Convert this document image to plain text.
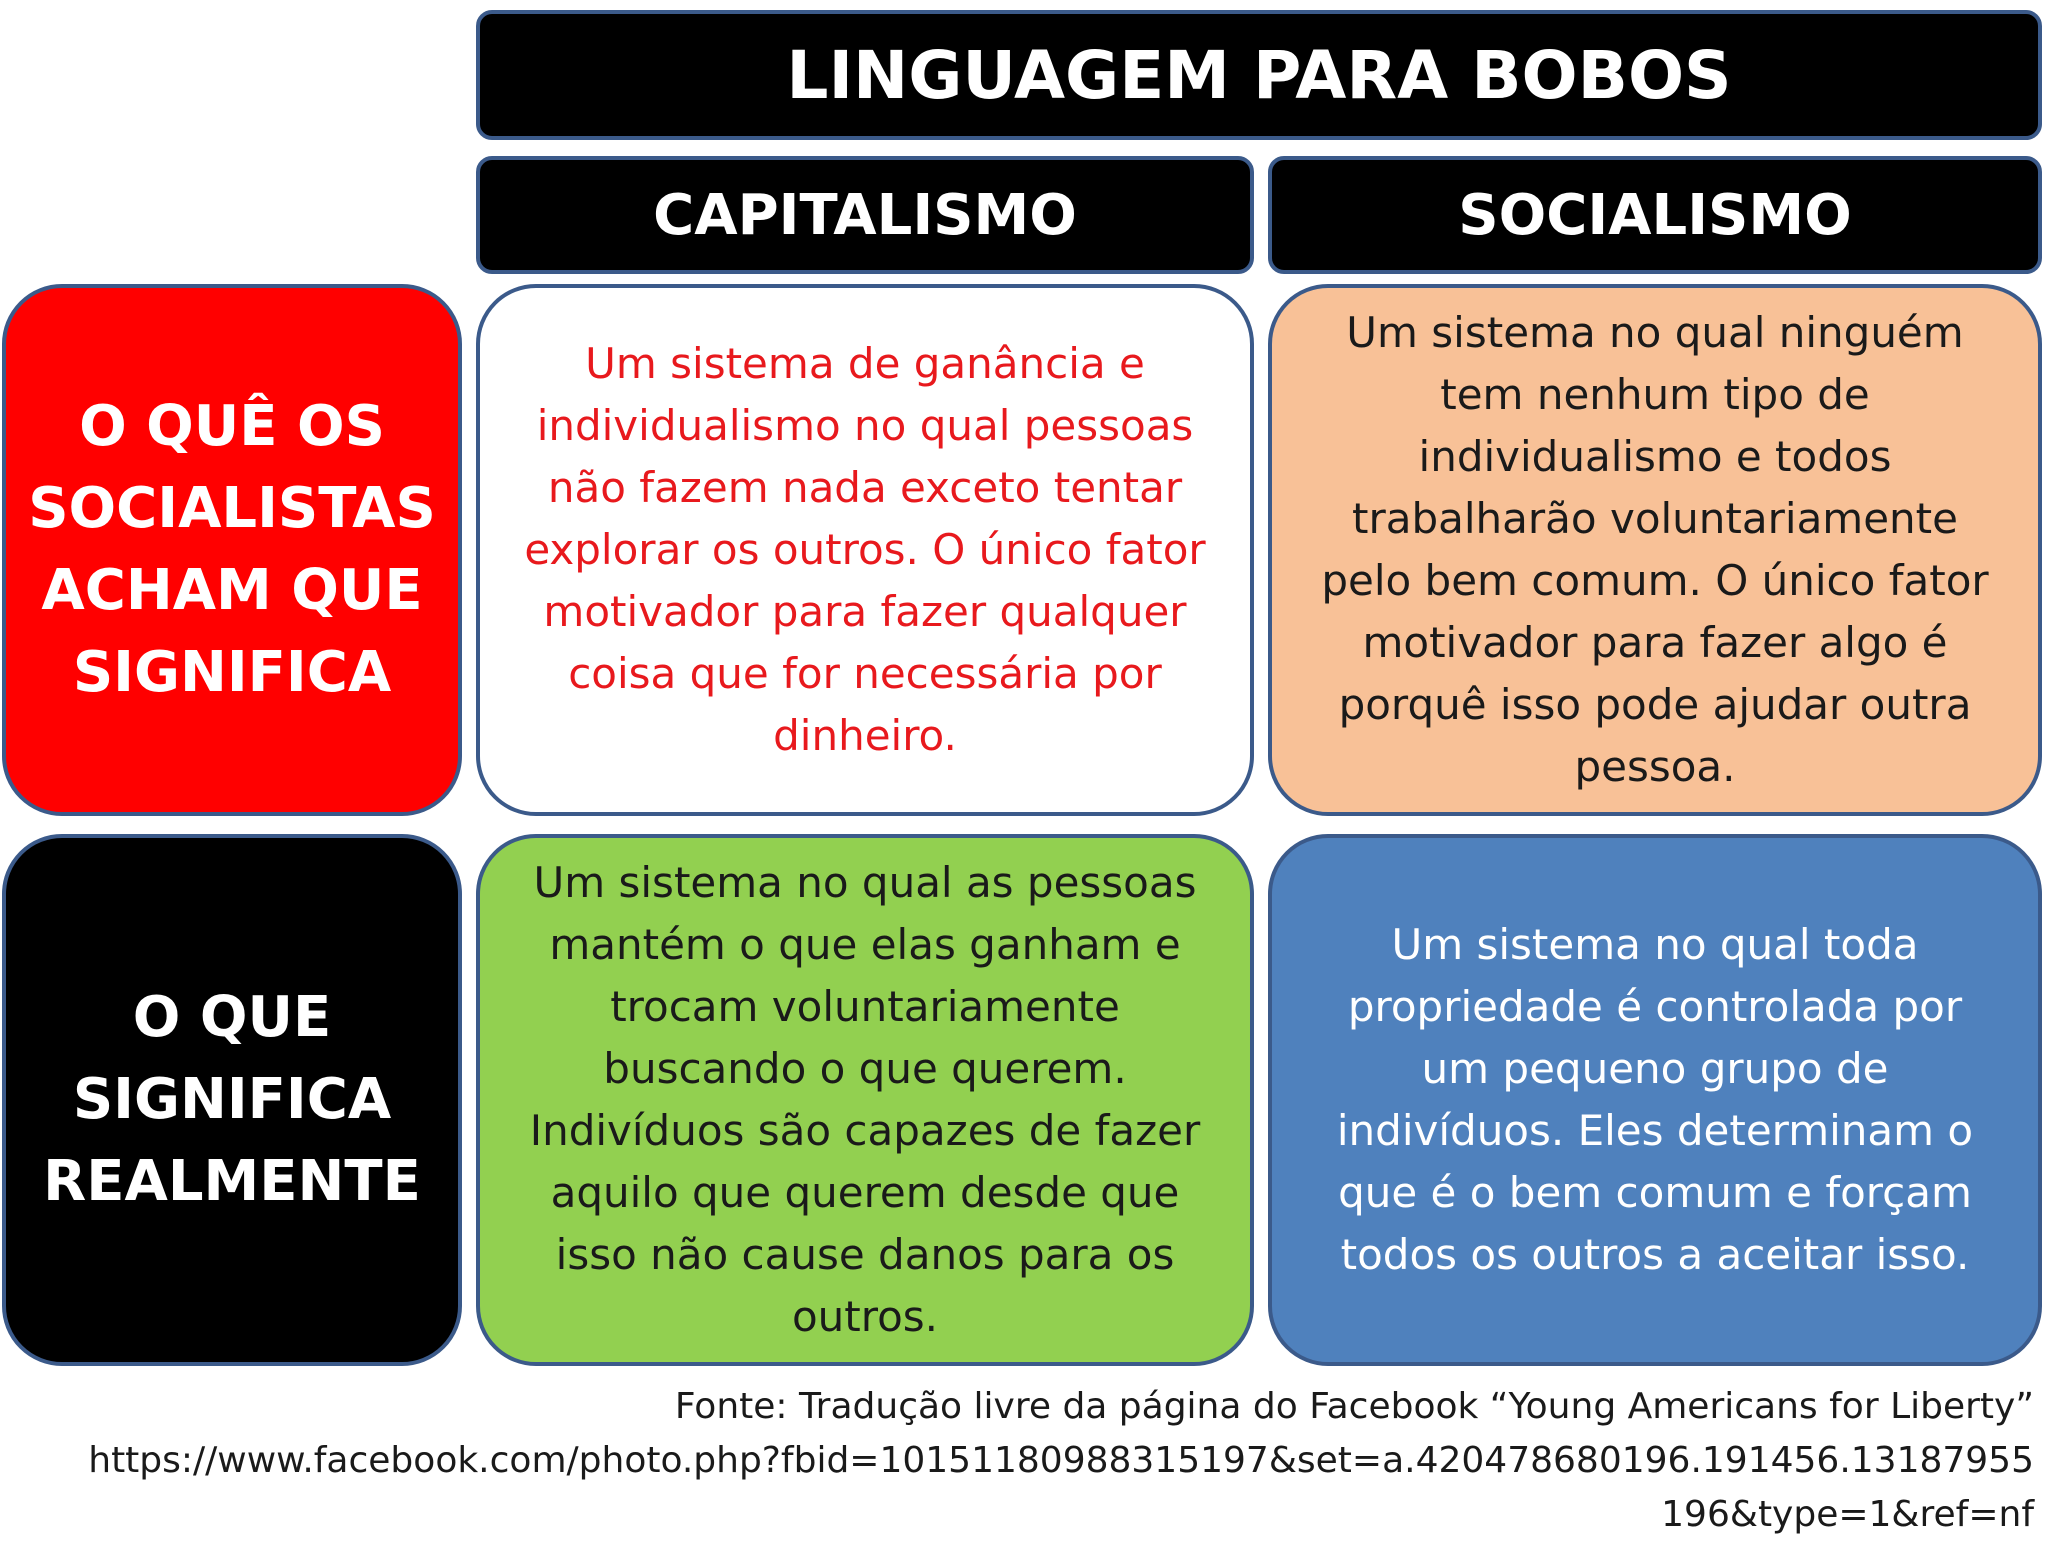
LINGUAGEM PARA BOBOS
CAPITALISMO	SOCIALISMO
O QUÊ OS SOCIALISTAS ACHAM QUE SIGNIFICA
O QUE SIGNIFICA REALMENTE
Um sistema de ganância e individualismo no qual pessoas não fazem nada exceto tentar explorar os outros. O único fator motivador para fazer qualquer coisa que for necessária por dinheiro.
Um sistema no qual ninguém tem nenhum tipo de individualismo e todos trabalharão voluntariamente pelo bem comum. O único fator motivador para fazer algo é porquê isso pode ajudar outra pessoa.
Um sistema no qual as pessoas mantém o que elas ganham e trocam voluntariamente buscando o que querem. Indivíduos são capazes de fazer aquilo que querem desde que isso não cause danos para os outros.
Um sistema no qual toda propriedade é controlada por um pequeno grupo de indivíduos. Eles determinam o que é o bem comum e forçam todos os outros a aceitar isso.
Fonte: Tradução livre da página do Facebook “Young Americans for Liberty”
https://www.facebook.com/photo.php?fbid=10151180988315197&set=a.420478680196.191456.13187955
196&type=1&ref=nf
